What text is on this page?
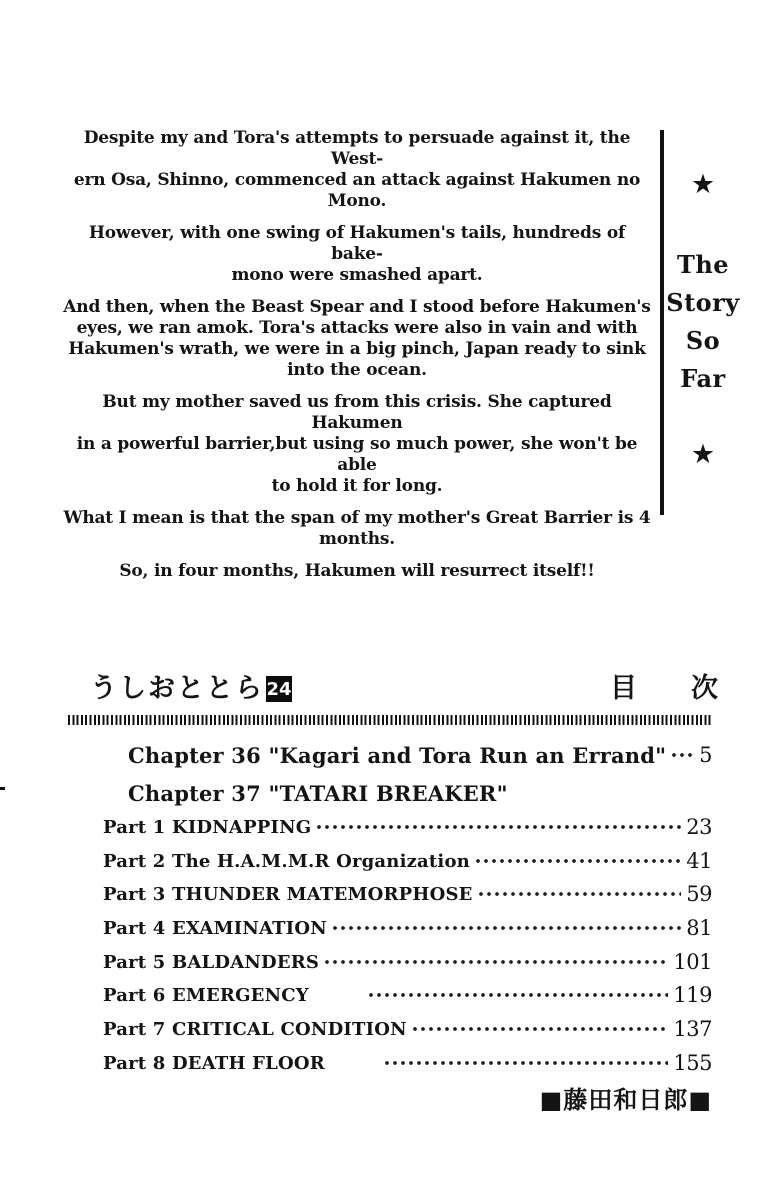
Despite my and Tora's attempts to persuade against it, the West-
ern Osa, Shinno, commenced an attack against Hakumen no
Mono.

However, with one swing of Hakumen's tails, hundreds of bake-
mono were smashed apart.

And then, when the Beast Spear and I stood before Hakumen's
eyes, we ran amok. Tora's attacks were also in vain and with
Hakumen's wrath, we were in a big pinch, Japan ready to sink
into the ocean.

But my mother saved us from this crisis. She captured Hakumen
in a powerful barrier,but using so much power, she won't be able
to hold it for long.

What I mean is that the span of my mother's Great Barrier is 4
months.

So, in four months, Hakumen will resurrect itself!!

★
The
Story
So
Far
★
うしおととら 24	目　　次
Chapter 36 "Kagari and Tora Run an Errand" 5
Chapter 37 "TATARI BREAKER"
Part 1 KIDNAPPING	23
Part 2 The H.A.M.M.R Organization	41
Part 3 THUNDER MATEMORPHOSE	59
Part 4 EXAMINATION	81
Part 5 BALDANDERS	101
Part 6 EMERGENCY	119
Part 7 CRITICAL CONDITION	137
Part 8 DEATH FLOOR	155
■藤田和日郎■
